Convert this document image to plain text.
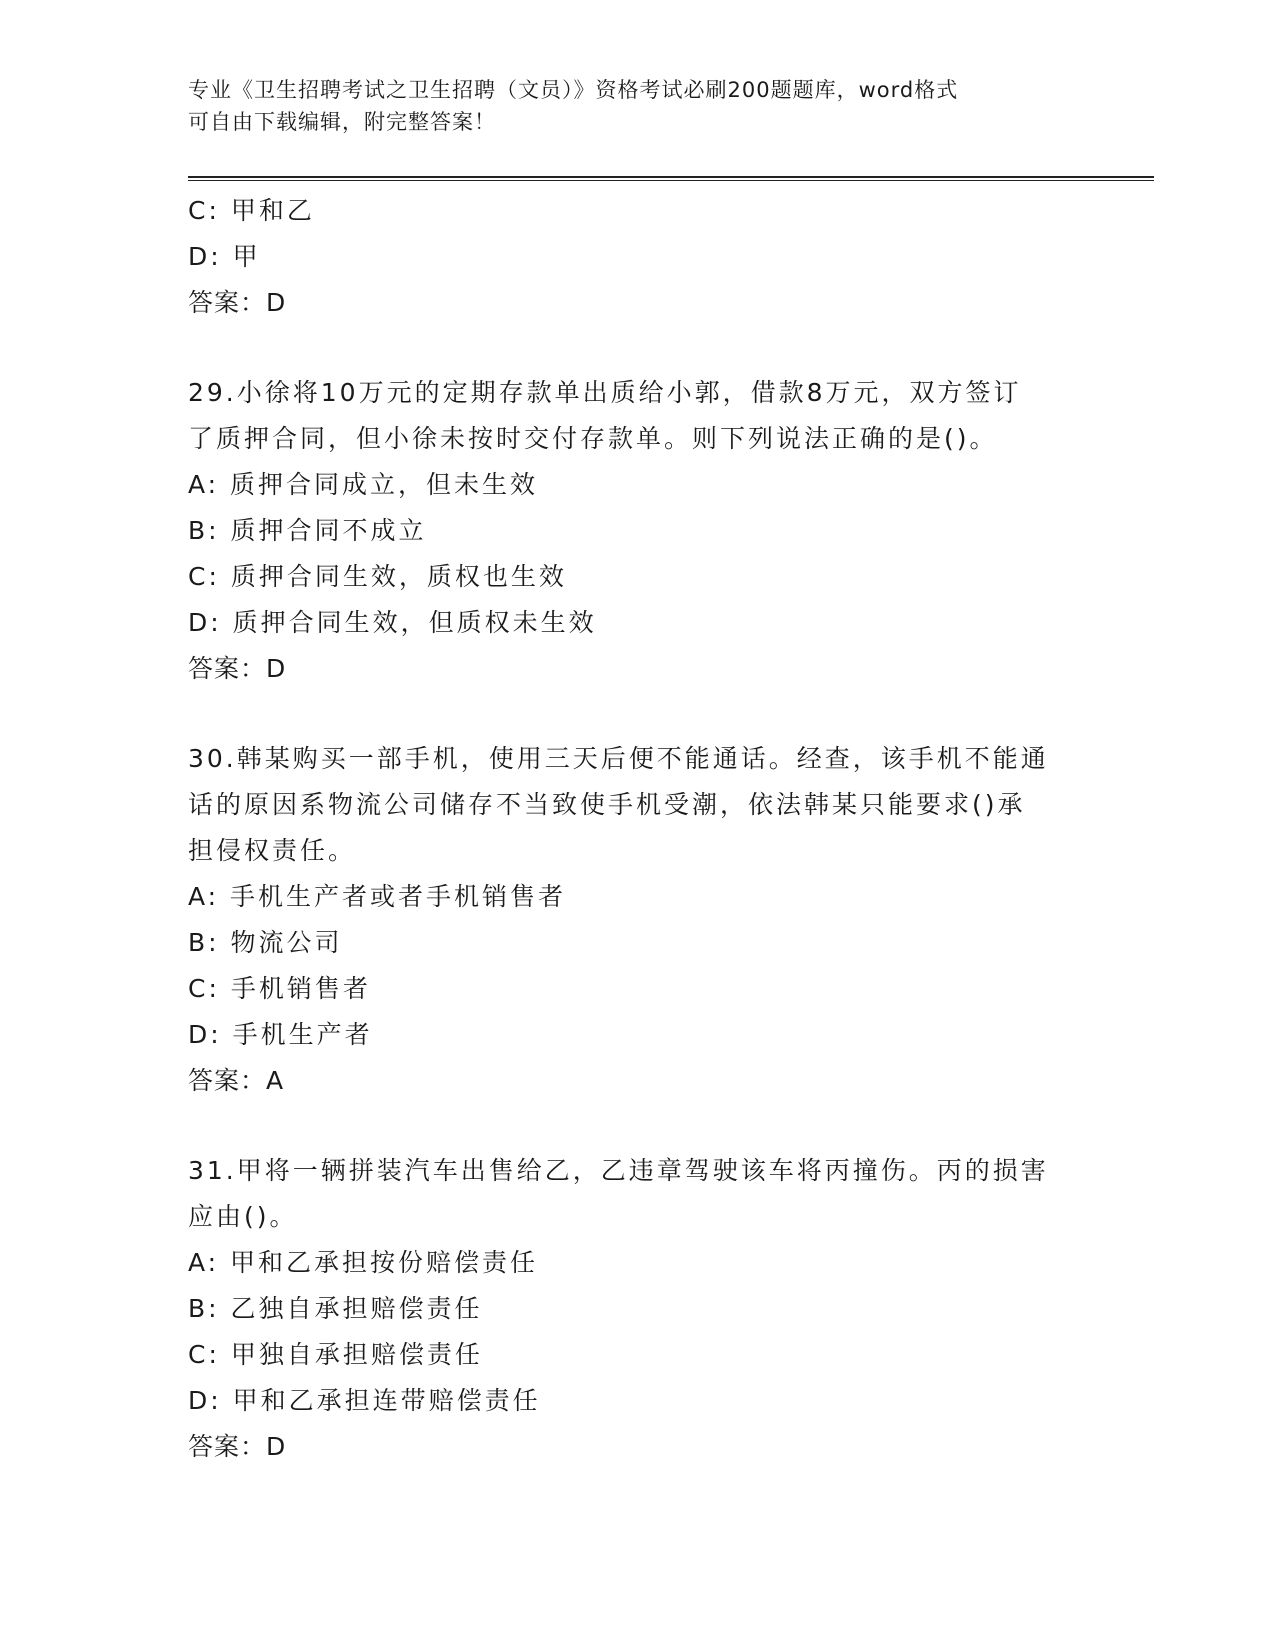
专业《卫生招聘考试之卫生招聘（文员）》资格考试必刷200题题库，word格式
可自由下载编辑，附完整答案！
C: 甲和乙
D: 甲
答案：D
29.小徐将10万元的定期存款单出质给小郭，借款8万元，双方签订
了质押合同，但小徐未按时交付存款单。则下列说法正确的是()。
A: 质押合同成立，但未生效
B: 质押合同不成立
C: 质押合同生效，质权也生效
D: 质押合同生效，但质权未生效
答案：D
30.韩某购买一部手机，使用三天后便不能通话。经查，该手机不能通
话的原因系物流公司储存不当致使手机受潮，依法韩某只能要求()承
担侵权责任。
A: 手机生产者或者手机销售者
B: 物流公司
C: 手机销售者
D: 手机生产者
答案：A
31.甲将一辆拼装汽车出售给乙，乙违章驾驶该车将丙撞伤。丙的损害
应由()。
A: 甲和乙承担按份赔偿责任
B: 乙独自承担赔偿责任
C: 甲独自承担赔偿责任
D: 甲和乙承担连带赔偿责任
答案：D
